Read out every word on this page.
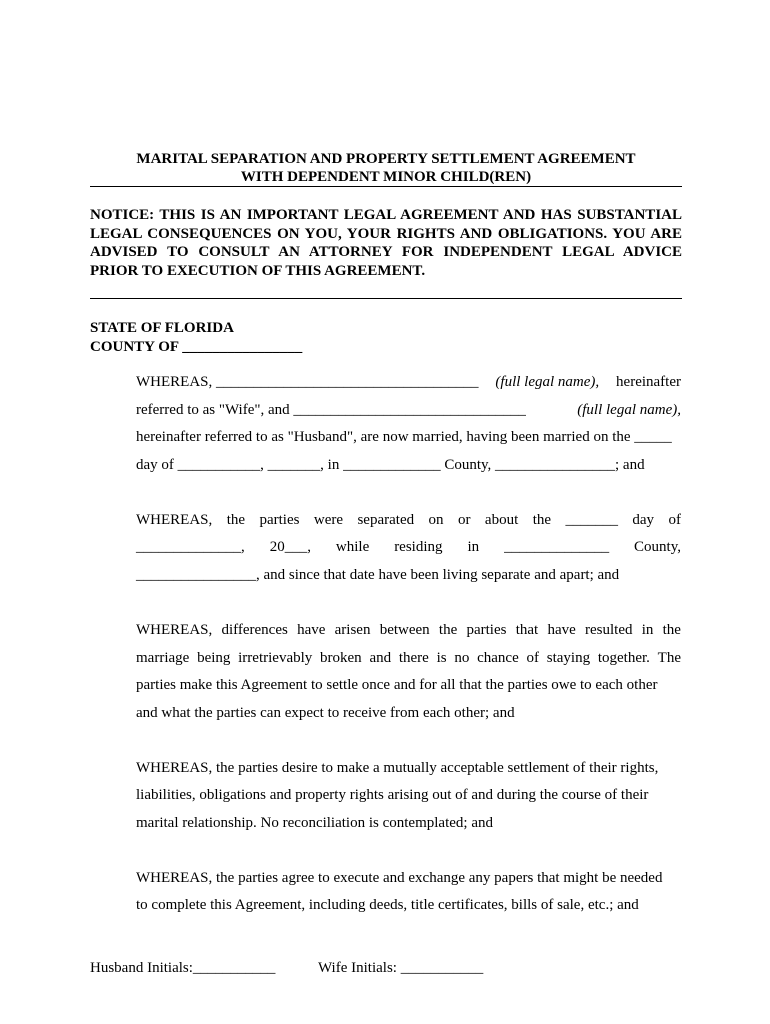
MARITAL SEPARATION AND PROPERTY SETTLEMENT AGREEMENT
WITH DEPENDENT MINOR CHILD(REN)
NOTICE: THIS IS AN IMPORTANT LEGAL AGREEMENT AND HAS SUBSTANTIAL LEGAL CONSEQUENCES ON YOU, YOUR RIGHTS AND OBLIGATIONS. YOU ARE ADVISED TO CONSULT AN ATTORNEY FOR INDEPENDENT LEGAL ADVICE PRIOR TO EXECUTION OF THIS AGREEMENT.
STATE OF FLORIDA
COUNTY OF ________________
WHEREAS, ___________________________________ (full legal name), hereinafter
referred to as "Wife", and _______________________________	(full legal name),
hereinafter referred to as "Husband", are now married, having been married on the _____
day of ___________, _______, in _____________ County, ________________; and
WHEREAS, the parties were separated on or about the _______ day of
______________, 20___, while residing in ______________ County,
________________, and since that date have been living separate and apart; and
WHEREAS, differences have arisen between the parties that have resulted in the
marriage being irretrievably broken and there is no chance of staying together. The
parties make this Agreement to settle once and for all that the parties owe to each other
and what the parties can expect to receive from each other; and
WHEREAS, the parties desire to make a mutually acceptable settlement of their rights,
liabilities, obligations and property rights arising out of and during the course of their
marital relationship. No reconciliation is contemplated; and
WHEREAS, the parties agree to execute and exchange any papers that might be needed
to complete this Agreement, including deeds, title certificates, bills of sale, etc.; and
Husband Initials:___________	Wife Initials: ___________
